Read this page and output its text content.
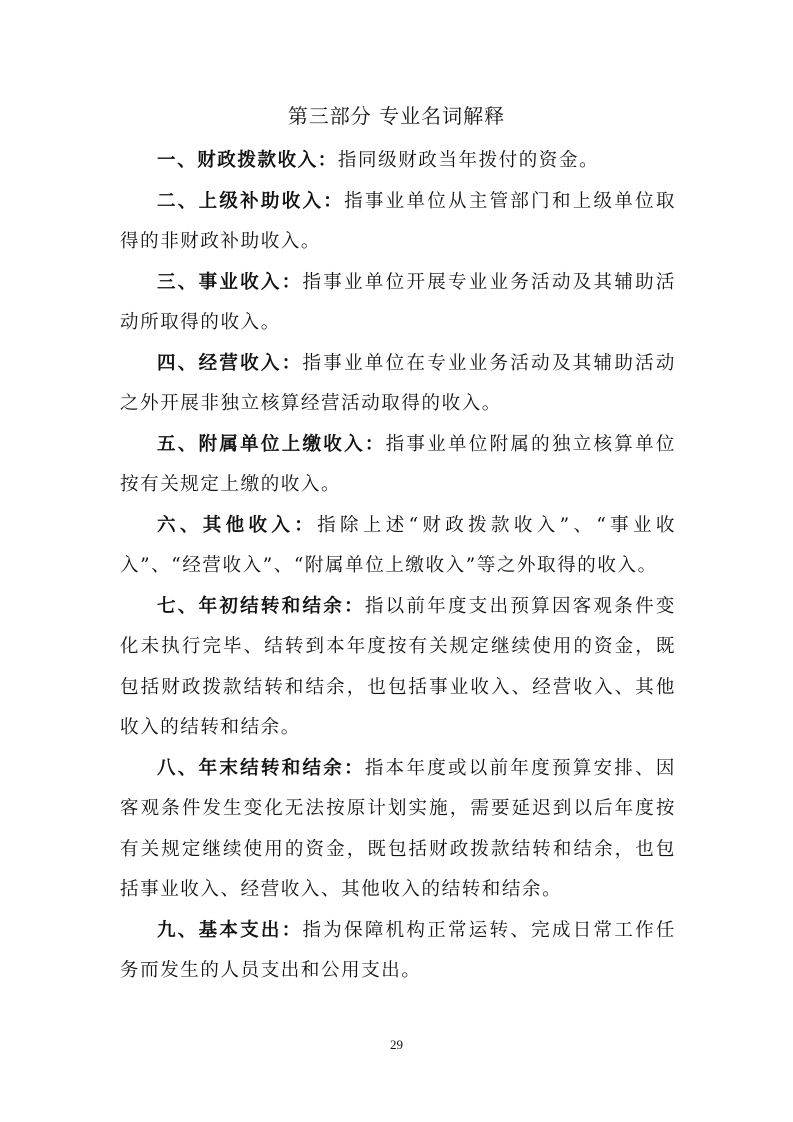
第三部分 专业名词解释

一、财政拨款收入：指同级财政当年拨付的资金。

二、上级补助收入：指事业单位从主管部门和上级单位取得的非财政补助收入。

三、事业收入：指事业单位开展专业业务活动及其辅助活动所取得的收入。

四、经营收入：指事业单位在专业业务活动及其辅助活动之外开展非独立核算经营活动取得的收入。

五、附属单位上缴收入：指事业单位附属的独立核算单位按有关规定上缴的收入。

六、其他收入：指除上述“财政拨款收入”、“事业收入”、“经营收入”、“附属单位上缴收入”等之外取得的收入。

七、年初结转和结余：指以前年度支出预算因客观条件变化未执行完毕、结转到本年度按有关规定继续使用的资金，既包括财政拨款结转和结余，也包括事业收入、经营收入、其他收入的结转和结余。

八、年末结转和结余：指本年度或以前年度预算安排、因客观条件发生变化无法按原计划实施，需要延迟到以后年度按有关规定继续使用的资金，既包括财政拨款结转和结余，也包括事业收入、经营收入、其他收入的结转和结余。

九、基本支出：指为保障机构正常运转、完成日常工作任务而发生的人员支出和公用支出。

29
